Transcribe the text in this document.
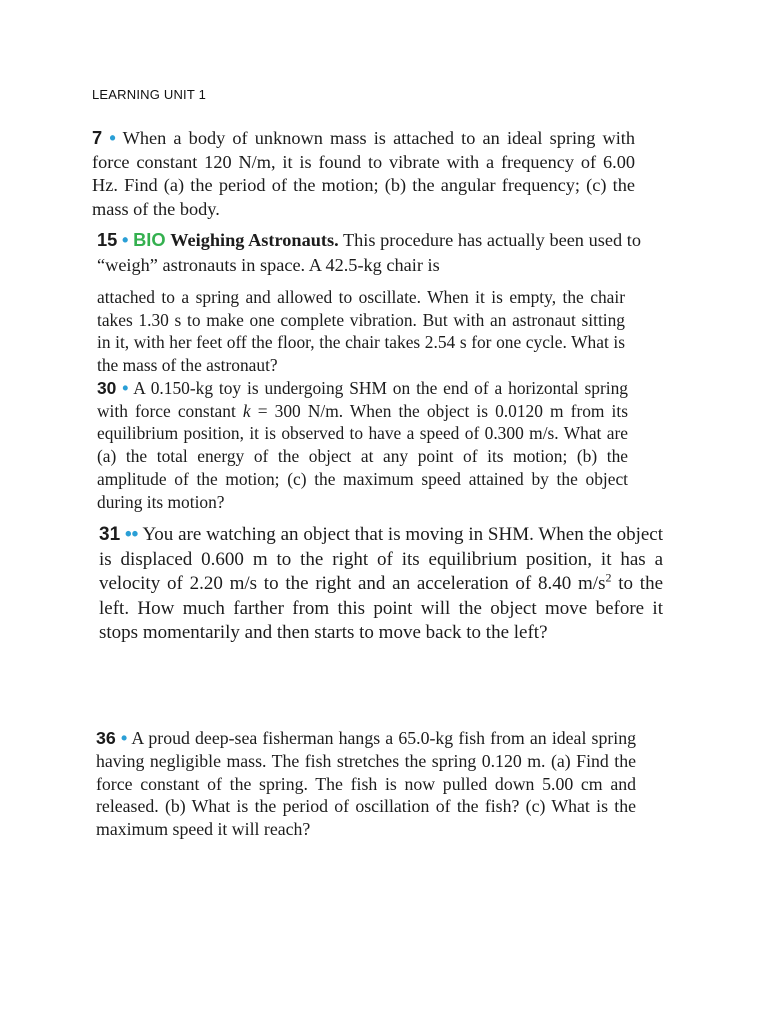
LEARNING UNIT 1

7 • When a body of unknown mass is attached to an ideal spring with force constant 120 N/m, it is found to vibrate with a frequency of 6.00 Hz. Find (a) the period of the motion; (b) the angular frequency; (c) the mass of the body.

15 • BIO Weighing Astronauts. This procedure has actually been used to “weigh” astronauts in space. A 42.5-kg chair is

attached to a spring and allowed to oscillate. When it is empty, the chair takes 1.30 s to make one complete vibration. But with an astronaut sitting in it, with her feet off the floor, the chair takes 2.54 s for one cycle. What is the mass of the astronaut?

30 • A 0.150-kg toy is undergoing SHM on the end of a horizontal spring with force constant k = 300 N/m. When the object is 0.0120 m from its equilibrium position, it is observed to have a speed of 0.300 m/s. What are (a) the total energy of the object at any point of its motion; (b) the amplitude of the motion; (c) the maximum speed attained by the object during its motion?

31 •• You are watching an object that is moving in SHM. When the object is displaced 0.600 m to the right of its equilibrium position, it has a velocity of 2.20 m/s to the right and an acceleration of 8.40 $m/s^2$ to the left. How much farther from this point will the object move before it stops momentarily and then starts to move back to the left?

36 • A proud deep-sea fisherman hangs a 65.0-kg fish from an ideal spring having negligible mass. The fish stretches the spring 0.120 m. (a) Find the force constant of the spring. The fish is now pulled down 5.00 cm and released. (b) What is the period of oscillation of the fish? (c) What is the maximum speed it will reach?
